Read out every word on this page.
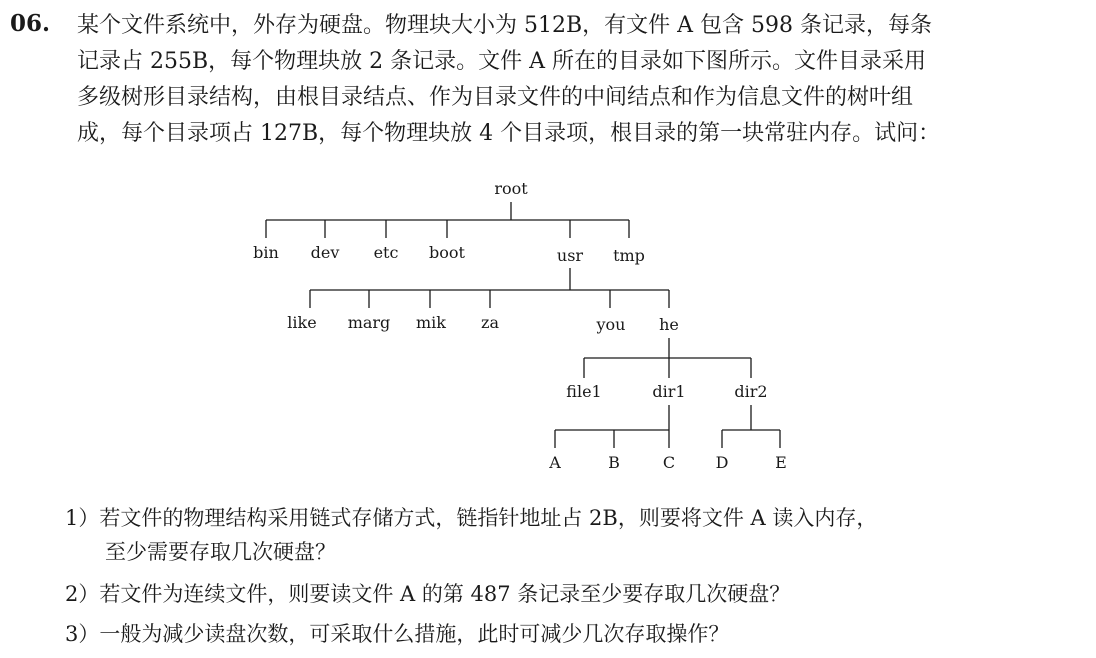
06. 某个文件系统中，外存为硬盘。物理块大小为 512B，有文件 A 包含 598 条记录，每条
记录占 255B，每个物理块放 2 条记录。文件 A 所在的目录如下图所示。文件目录采用
多级树形目录结构，由根目录结点、作为目录文件的中间结点和作为信息文件的树叶组
成，每个目录项占 127B，每个物理块放 4 个目录项，根目录的第一块常驻内存。试问：

root
bin dev etc boot	usr tmp
like marg mik za	you he
file1	dir1	dir2
A	B	C	D	E
1）若文件的物理结构采用链式存储方式，链指针地址占 2B，则要将文件 A 读入内存，
至少需要存取几次硬盘？
2）若文件为连续文件，则要读文件 A 的第 487 条记录至少要存取几次硬盘？
3）一般为减少读盘次数，可采取什么措施，此时可减少几次存取操作？
